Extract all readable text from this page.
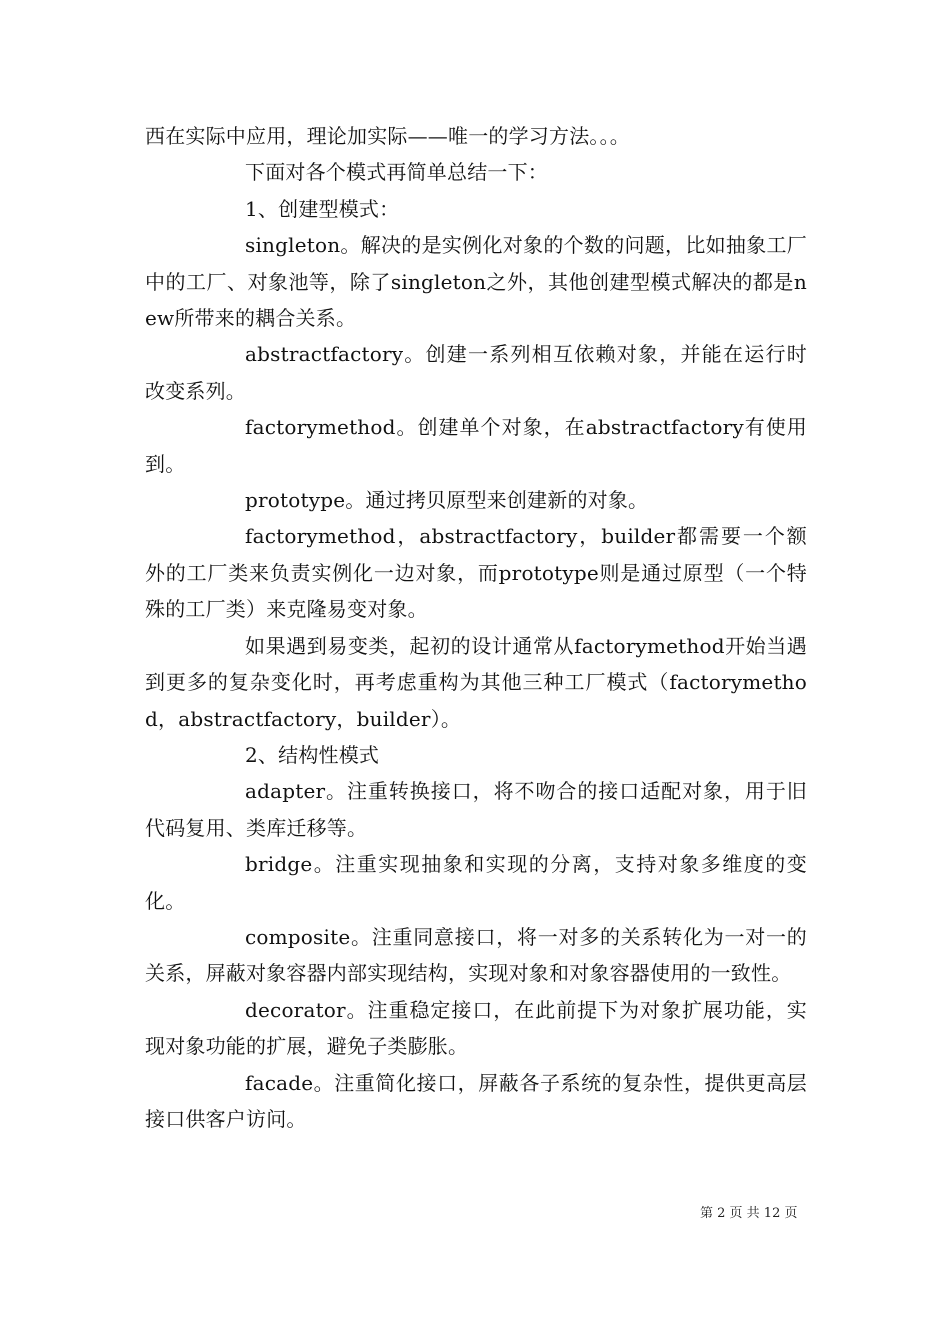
西在实际中应用，理论加实际——唯一的学习方法。。。

下面对各个模式再简单总结一下：

1、创建型模式：

singleton。解决的是实例化对象的个数的问题，比如抽象工厂中的工厂、对象池等，除了singleton之外，其他创建型模式解决的都是new所带来的耦合关系。

abstractfactory。创建一系列相互依赖对象，并能在运行时改变系列。

factorymethod。创建单个对象，在abstractfactory有使用到。

prototype。通过拷贝原型来创建新的对象。

factorymethod，abstractfactory，builder都需要一个额外的工厂类来负责实例化一边对象，而prototype则是通过原型（一个特殊的工厂类）来克隆易变对象。

如果遇到易变类，起初的设计通常从factorymethod开始当遇到更多的复杂变化时，再考虑重构为其他三种工厂模式（factorymethod，abstractfactory，builder）。

2、结构性模式

adapter。注重转换接口，将不吻合的接口适配对象，用于旧代码复用、类库迁移等。

bridge。注重实现抽象和实现的分离，支持对象多维度的变化。

composite。注重同意接口，将一对多的关系转化为一对一的关系，屏蔽对象容器内部实现结构，实现对象和对象容器使用的一致性。

decorator。注重稳定接口，在此前提下为对象扩展功能，实现对象功能的扩展，避免子类膨胀。

facade。注重简化接口，屏蔽各子系统的复杂性，提供更高层接口供客户访问。

第 2 页 共 12 页
